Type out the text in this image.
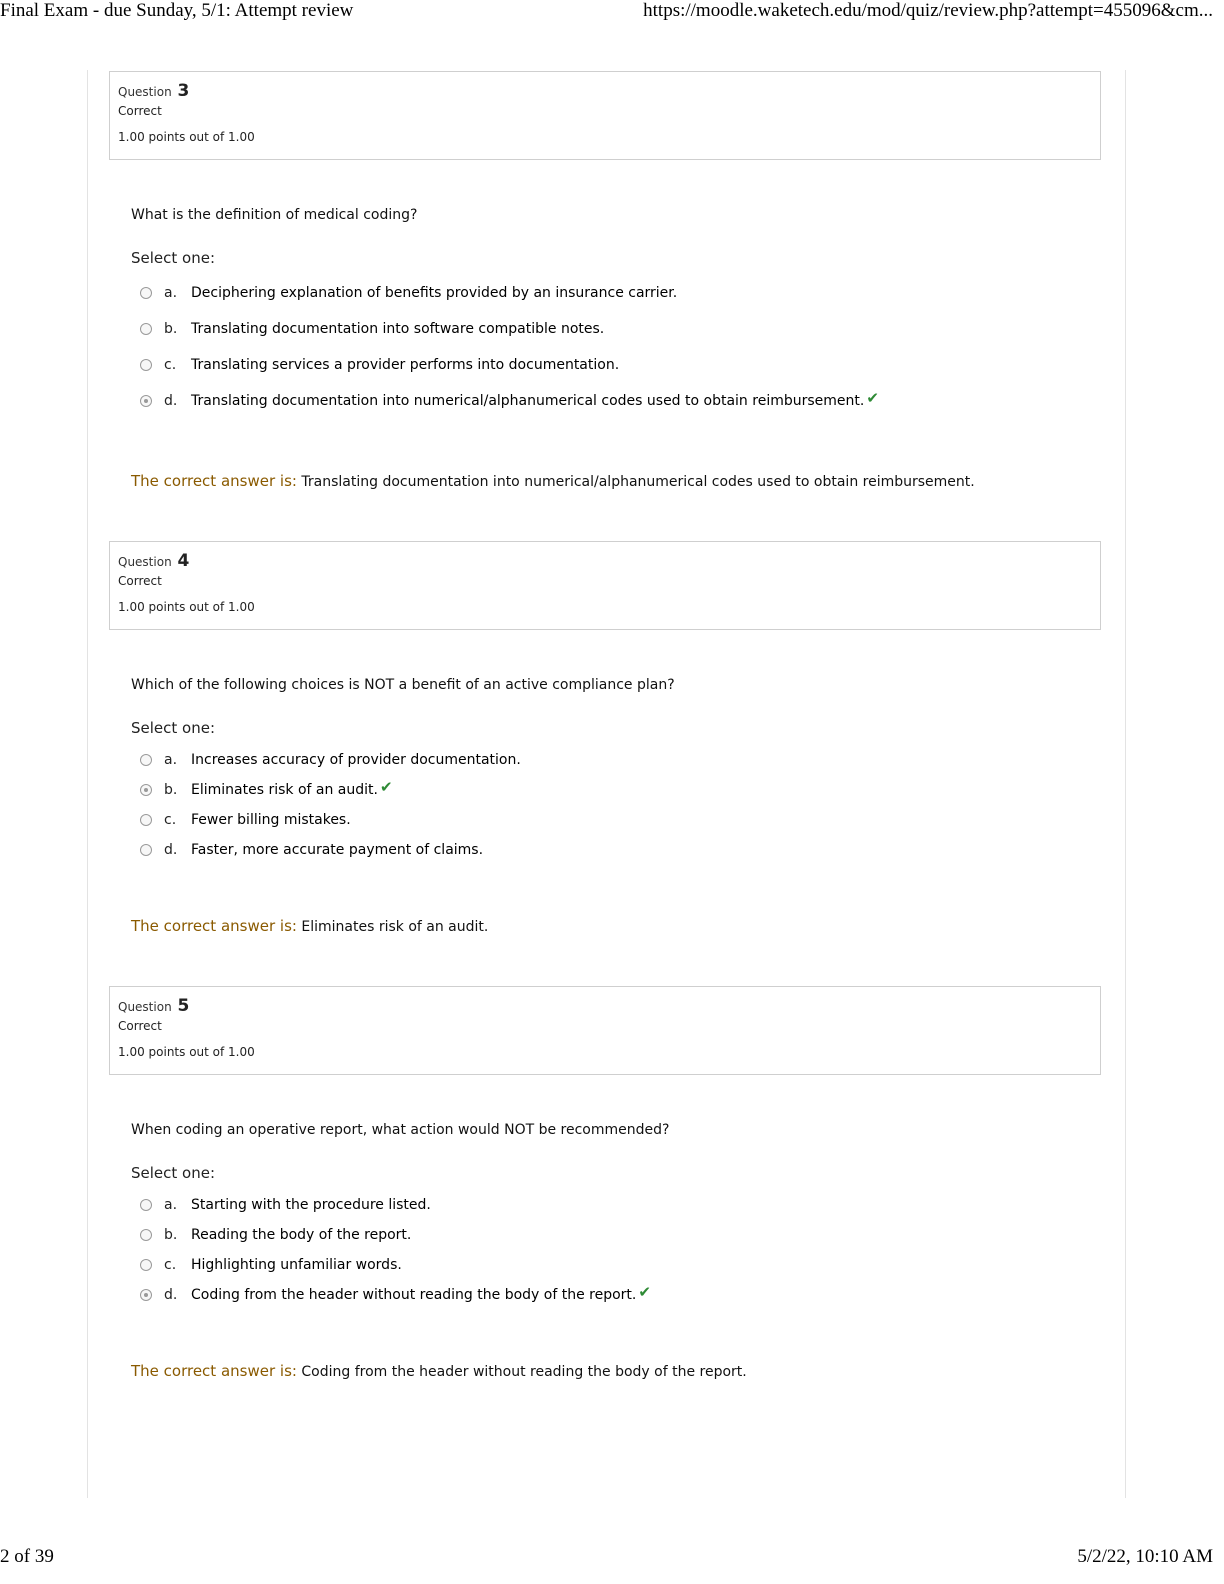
Final Exam - due Sunday, 5/1: Attempt review	https://moodle.waketech.edu/mod/quiz/review.php?attempt=455096&cm...
Question 3
Correct
1.00 points out of 1.00
What is the definition of medical coding?
Select one:
a. Deciphering explanation of benefits provided by an insurance carrier.
b. Translating documentation into software compatible notes.
c.	Translating services a provider performs into documentation.
d. Translating documentation into numerical/alphanumerical codes used to obtain reimbursement. ✔
The correct answer is: Translating documentation into numerical/alphanumerical codes used to obtain reimbursement.
Question 4
Correct
1.00 points out of 1.00
Which of the following choices is NOT a benefit of an active compliance plan?
Select one:
a. Increases accuracy of provider documentation.
b. Eliminates risk of an audit. ✔
c.	Fewer billing mistakes.
d. Faster, more accurate payment of claims.
The correct answer is: Eliminates risk of an audit.
Question 5
Correct
1.00 points out of 1.00
When coding an operative report, what action would NOT be recommended?
Select one:
a. Starting with the procedure listed.
b. Reading the body of the report.
c.	Highlighting unfamiliar words.
d. Coding from the header without reading the body of the report. ✔
The correct answer is: Coding from the header without reading the body of the report.
2 of 39	5/2/22, 10:10 AM
